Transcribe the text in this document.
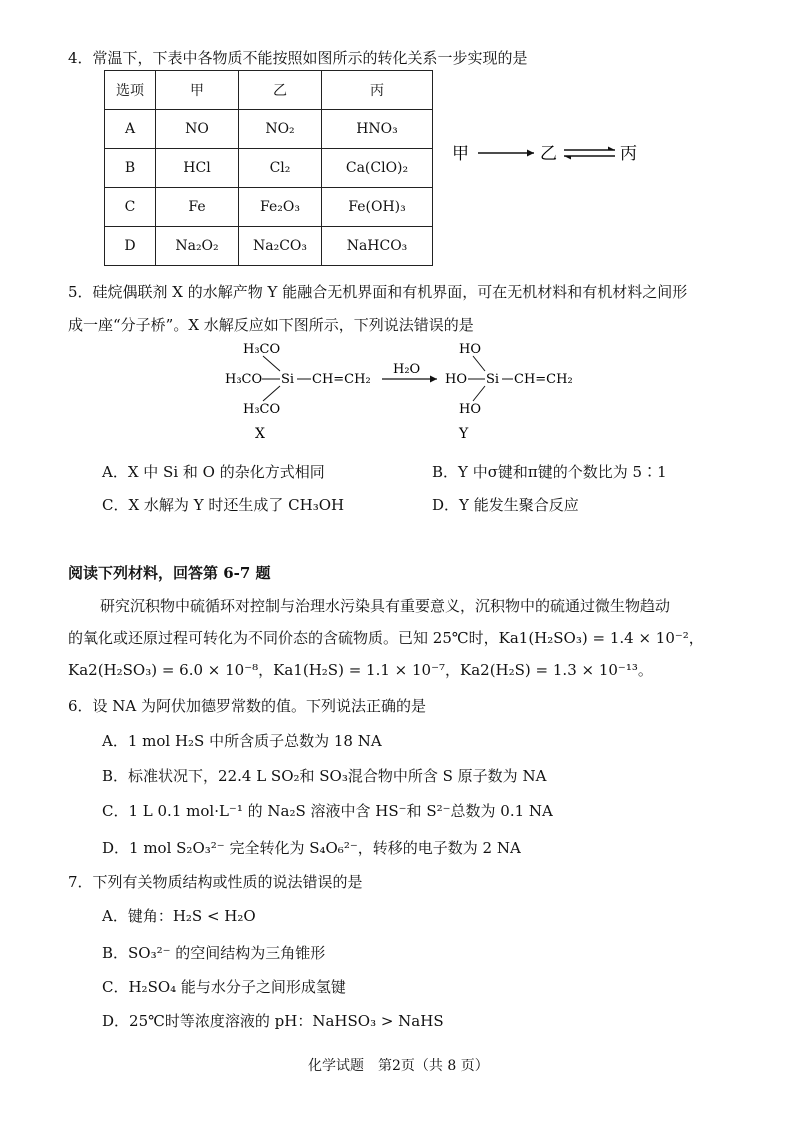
4．常温下，下表中各物质不能按照如图所示的转化关系一步实现的是
选项	甲	乙	丙
A	NO	NO₂	HNO₃
B	HCl	Cl₂	Ca(ClO)₂
C	Fe	Fe₂O₃	Fe(OH)₃
D	Na₂O₂	Na₂CO₃	NaHCO₃
甲	乙	丙
5．硅烷偶联剂 X 的水解产物 Y 能融合无机界面和有机界面，可在无机材料和有机材料之间形
成一座“分子桥”。X 水解反应如下图所示，下列说法错误的是
H₃CO
H₃CO
H₃CO
Si CH=CH₂
X
H₂O
HO
HO
HO
Si CH=CH₂
Y
A．X 中 Si 和 O 的杂化方式相同	B．Y 中σ键和π键的个数比为 5∶1
C．X 水解为 Y 时还生成了 CH₃OH	D．Y 能发生聚合反应
阅读下列材料，回答第 6-7 题
研究沉积物中硫循环对控制与治理水污染具有重要意义，沉积物中的硫通过微生物趋动
的氧化或还原过程可转化为不同价态的含硫物质。已知 25℃时，Ka1(H₂SO₃) = 1.4 × 10⁻²，
Ka2(H₂SO₃) = 6.0 × 10⁻⁸，Ka1(H₂S) = 1.1 × 10⁻⁷，Ka2(H₂S) = 1.3 × 10⁻¹³。
6．设 NA 为阿伏加德罗常数的值。下列说法正确的是
A．1 mol H₂S 中所含质子总数为 18 NA
B．标准状况下，22.4 L SO₂和 SO₃混合物中所含 S 原子数为 NA
C．1 L 0.1 mol·L⁻¹ 的 Na₂S 溶液中含 HS⁻和 S²⁻总数为 0.1 NA
D．1 mol S₂O₃²⁻ 完全转化为 S₄O₆²⁻，转移的电子数为 2 NA
7．下列有关物质结构或性质的说法错误的是
A．键角：H₂S < H₂O
B．SO₃²⁻ 的空间结构为三角锥形
C．H₂SO₄ 能与水分子之间形成氢键
D．25℃时等浓度溶液的 pH：NaHSO₃ > NaHS
化学试题　第2页（共 8 页）
